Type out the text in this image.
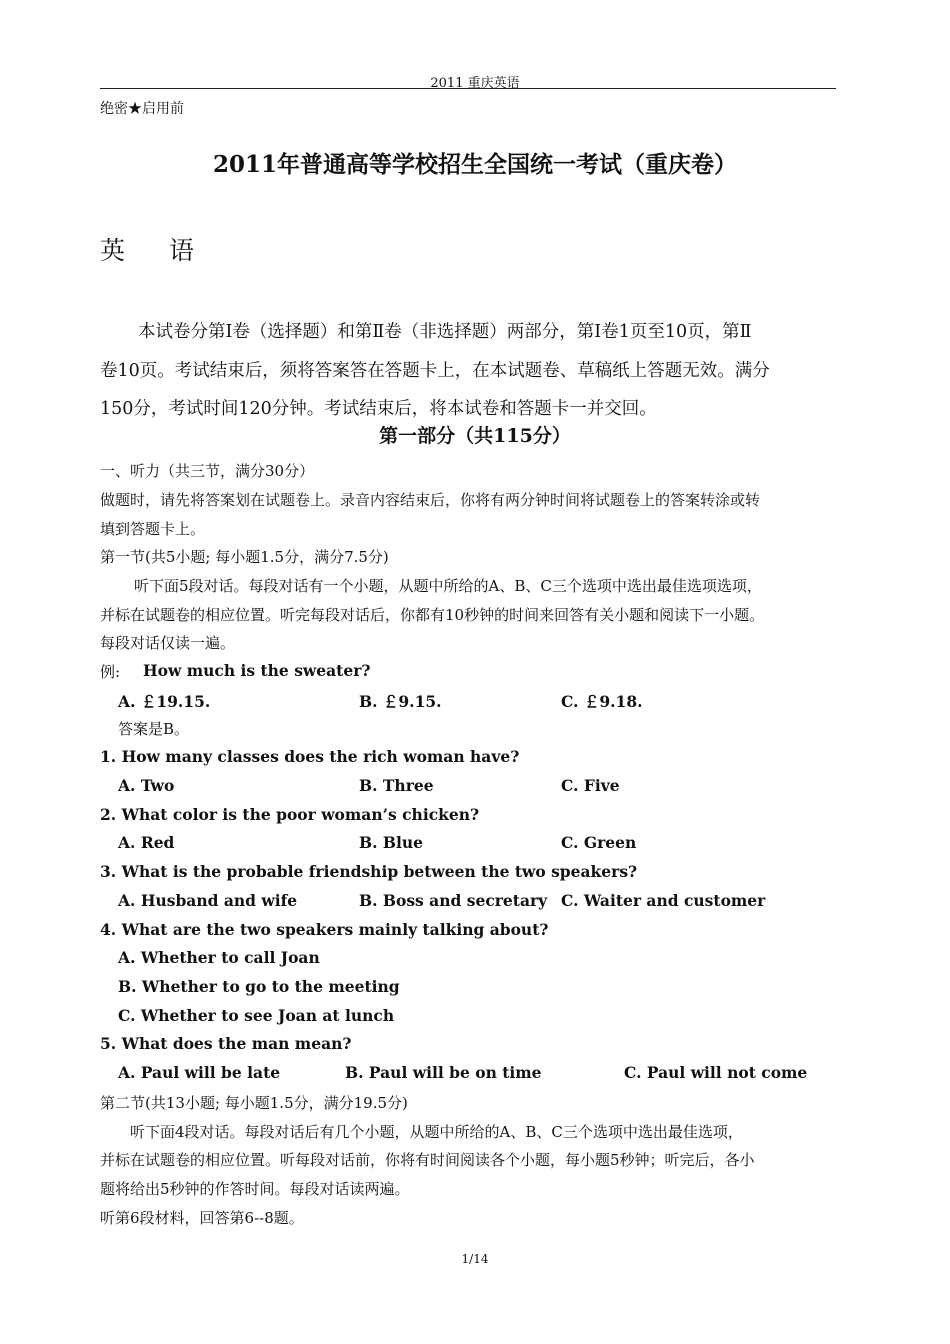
2011 重庆英语
绝密★启用前
2011年普通高等学校招生全国统一考试（重庆卷）
英 语
本试卷分第Ⅰ卷（选择题）和第Ⅱ卷（非选择题）两部分，第Ⅰ卷1页至10页，第Ⅱ
卷10页。考试结束后，须将答案答在答题卡上，在本试题卷、草稿纸上答题无效。满分
150分，考试时间120分钟。考试结束后，将本试卷和答题卡一并交回。
第一部分（共115分）
一、听力（共三节，满分30分）
做题时，请先将答案划在试题卷上。录音内容结束后，你将有两分钟时间将试题卷上的答案转涂或转
填到答题卡上。
第一节(共5小题; 每小题1.5分，满分7.5分)
听下面5段对话。每段对话有一个小题，从题中所给的A、B、C三个选项中选出最佳选项选项，
并标在试题卷的相应位置。听完每段对话后，你都有10秒钟的时间来回答有关小题和阅读下一小题。
每段对话仅读一遍。
例: How much is the sweater?
A. ￡19.15.	B. ￡9.15.	C. ￡9.18.
答案是B。
1. How many classes does the rich woman have?
A. Two	B. Three	C. Five
2. What color is the poor woman’s chicken?
A. Red	B. Blue	C. Green
3. What is the probable friendship between the two speakers?
A. Husband and wife	B. Boss and secretary C. Waiter and customer
4. What are the two speakers mainly talking about?
A. Whether to call Joan
B. Whether to go to the meeting
C. Whether to see Joan at lunch
5. What does the man mean?
A. Paul will be late	B. Paul will be on time	C. Paul will not come
第二节(共13小题; 每小题1.5分，满分19.5分)
听下面4段对话。每段对话后有几个小题，从题中所给的A、B、C三个选项中选出最佳选项，
并标在试题卷的相应位置。听每段对话前，你将有时间阅读各个小题，每小题5秒钟；听完后，各小
题将给出5秒钟的作答时间。每段对话读两遍。
听第6段材料，回答第6--8题。
1/14
